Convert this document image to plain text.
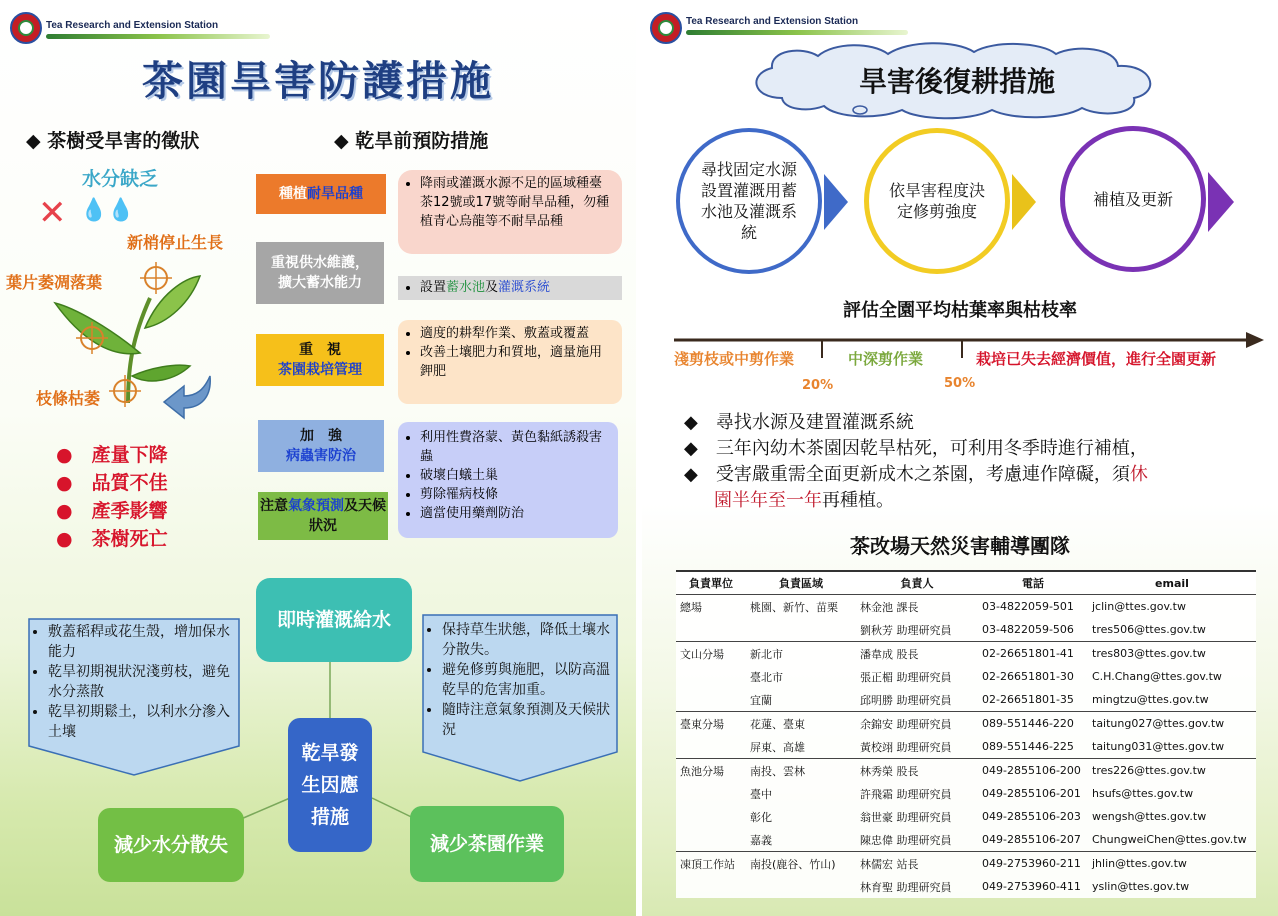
Tea Research and Extension Station
茶園旱害防護措施
◆ 茶樹受旱害的徵狀	◆ 乾旱前預防措施
水分缺乏
✕ 💧💧
新梢停止生長
葉片萎凋落葉
枝條枯萎
●　產量下降
●　品質不佳
●　產季影響
●　茶樹死亡
種植耐旱品種
重視供水維護，
擴大蓄水能力
重　視
茶園栽培管理
加　強
病蟲害防治
注意氣象預測及天候狀況
• 降雨或灌溉水源不足的區域種臺茶12號或17號等耐旱品種，勿種植青心烏龍等不耐旱品種
• 設置蓄水池及灌溉系統
• 適度的耕犁作業、敷蓋或覆蓋
• 改善土壤肥力和質地，適量施用鉀肥
• 利用性費洛蒙、黃色黏紙誘殺害蟲
• 破壞白蟻土巢
• 剪除罹病枝條
• 適當使用藥劑防治
即時灌溉給水
乾旱發生因應措施
減少水分散失	減少茶園作業
• 敷蓋稻稈或花生殼，增加保水能力
• 乾旱初期視狀況淺剪枝，避免水分蒸散
• 乾旱初期鬆土，以利水分滲入土壤
• 保持草生狀態，降低土壤水分散失。
• 避免修剪與施肥，以防高溫乾旱的危害加重。
• 隨時注意氣象預測及天候狀況
Tea Research and Extension Station
旱害後復耕措施
尋找固定水源設置灌溉用蓄水池及灌溉系統
依旱害程度決定修剪強度
補植及更新
評估全園平均枯葉率與枯枝率
淺剪枝或中剪作業	中深剪作業	栽培已失去經濟價值，進行全園更新
20%	50%
◆　尋找水源及建置灌溉系統
◆　三年內幼木茶園因乾旱枯死，可利用冬季時進行補植，
◆　受害嚴重需全面更新成木之茶園，考慮連作障礙，須休
園半年至一年再種植。
茶改場天然災害輔導團隊
負責單位	負責區域	負責人	電話	email
總場	桃園、新竹、苗栗	林金池 課長	03-4822059-501	jclin@ttes.gov.tw
		劉秋芳 助理研究員	03-4822059-506	tres506@ttes.gov.tw
文山分場	新北市	潘韋成 股長	02-26651801-41	tres803@ttes.gov.tw
	臺北市	張正楣 助理研究員	02-26651801-30	C.H.Chang@ttes.gov.tw
	宜蘭	邱明勝 助理研究員	02-26651801-35	mingtzu@ttes.gov.tw
臺東分場	花蓮、臺東	余錦安 助理研究員	089-551446-220	taitung027@ttes.gov.tw
	屏東、高雄	黃校翊 助理研究員	089-551446-225	taitung031@ttes.gov.tw
魚池分場	南投、雲林	林秀榮 股長	049-2855106-200	tres226@ttes.gov.tw
	臺中	許飛霜 助理研究員	049-2855106-201	hsufs@ttes.gov.tw
	彰化	翁世豪 助理研究員	049-2855106-203	wengsh@ttes.gov.tw
	嘉義	陳忠偉 助理研究員	049-2855106-207	ChungweiChen@ttes.gov.tw
凍頂工作站	南投(鹿谷、竹山)	林儒宏 站長	049-2753960-211	jhlin@ttes.gov.tw
		林育聖 助理研究員	049-2753960-411	yslin@ttes.gov.tw
